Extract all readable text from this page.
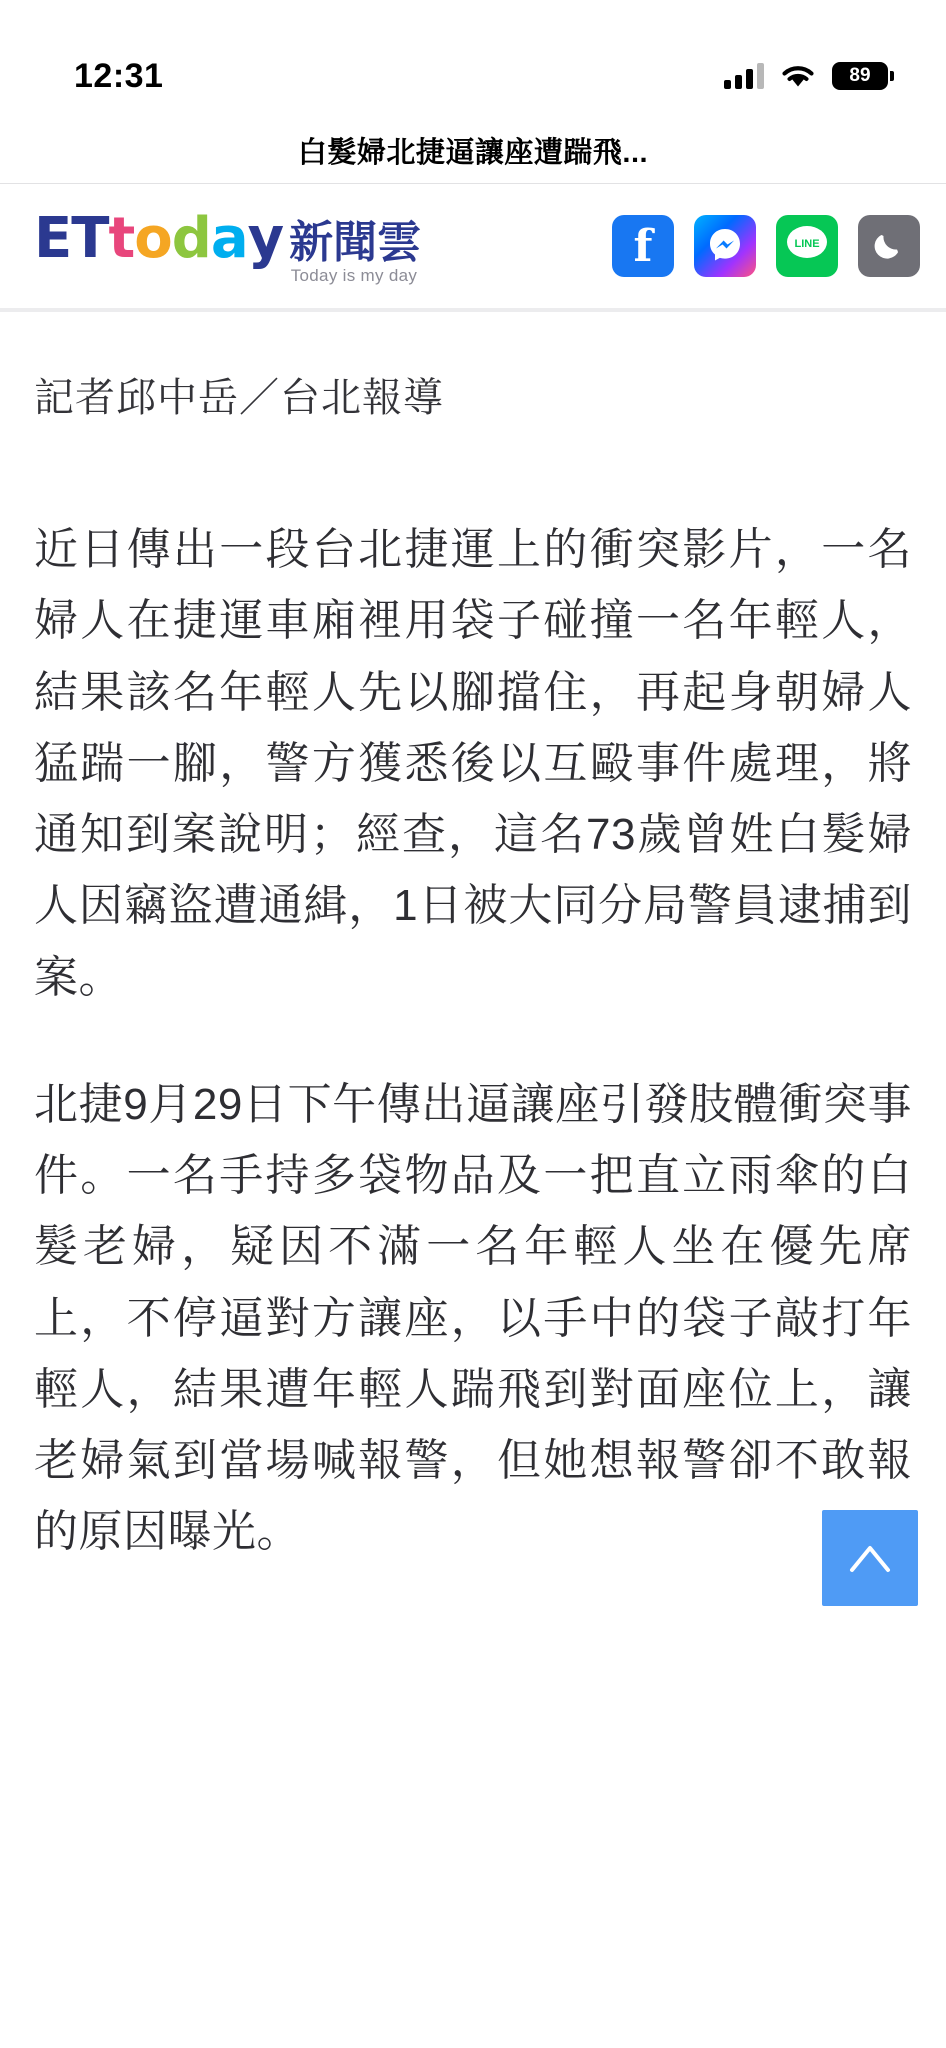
12:31	89
白髮婦北捷逼讓座遭踹飛...
E T t o d a y 新聞雲
Today is my day
f	LINE
記者邱中岳／台北報導

近日傳出一段台北捷運上的衝突影片，一名婦人在捷運車廂裡用袋子碰撞一名年輕人，結果該名年輕人先以腳擋住，再起身朝婦人猛踹一腳，警方獲悉後以互毆事件處理，將通知到案說明；經查，這名73歲曾姓白髮婦人因竊盜遭通緝，1日被大同分局警員逮捕到案。

北捷9月29日下午傳出逼讓座引發肢體衝突事件。一名手持多袋物品及一把直立雨傘的白髮老婦，疑因不滿一名年輕人坐在優先席上，不停逼對方讓座，以手中的袋子敲打年輕人，結果遭年輕人踹飛到對面座位上，讓老婦氣到當場喊報警，但她想報警卻不敢報的原因曝光。
